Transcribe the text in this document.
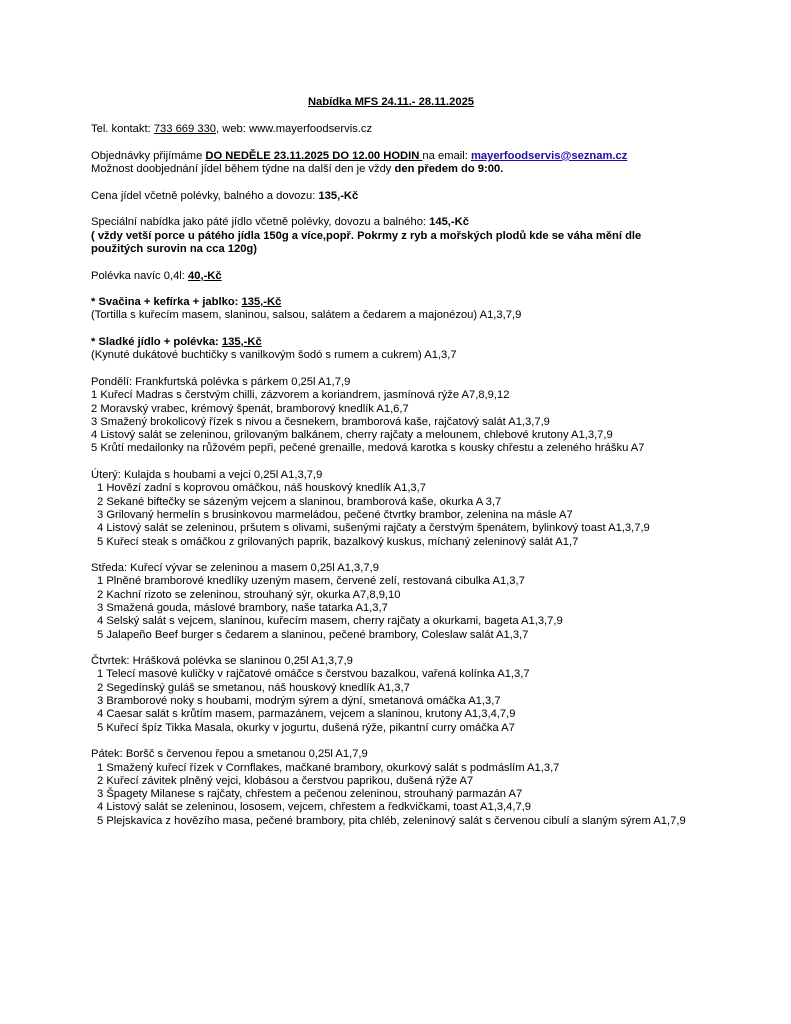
Nabídka MFS 24.11.- 28.11.2025

Tel. kontakt: 733 669 330, web: www.mayerfoodservis.cz

Objednávky přijímáme DO NEDĚLE 23.11.2025 DO 12.00 HODIN na email: mayerfoodservis@seznam.cz

Možnost doobjednání jídel během týdne na další den je vždy den předem do 9:00.

Cena jídel včetně polévky, balného a dovozu: 135,-Kč

Speciální nabídka jako páté jídlo včetně polévky, dovozu a balného: 145,-Kč

( vždy vetší porce u pátého jídla 150g a více,popř. Pokrmy z ryb a mořských plodů kde se váha mění dle použitých surovin na cca 120g)

Polévka navíc 0,4l: 40,-Kč

* Svačina + kefírka + jablko: 135,-Kč

(Tortilla s kuřecím masem, slaninou, salsou, salátem a čedarem a majonézou) A1,3,7,9

* Sladké jídlo + polévka: 135,-Kč

(Kynuté dukátové buchtičky s vanilkovým šodó s rumem a cukrem) A1,3,7

Pondělí: Frankfurtská polévka s párkem 0,25l A1,7,9

1 Kuřecí Madras s čerstvým chilli, zázvorem a koriandrem, jasmínová rýže A7,8,9,12

2 Moravský vrabec, krémový špenát, bramborový knedlík A1,6,7

3 Smažený brokolicový řízek s nivou a česnekem, bramborová kaše, rajčatový salát A1,3,7,9

4 Listový salát se zeleninou, grilovaným balkánem, cherry rajčaty a melounem, chlebové krutony A1,3,7,9

5 Krůtí medailonky na růžovém pepři, pečené grenaille, medová karotka s kousky chřestu a zeleného hrášku A7

Úterý: Kulajda s houbami a vejci 0,25l A1,3,7,9

1 Hovězí zadní s koprovou omáčkou, náš houskový knedlík A1,3,7

2 Sekané biftečky se sázeným vejcem a slaninou, bramborová kaše, okurka A 3,7

3 Grilovaný hermelín s brusinkovou marmeládou, pečené čtvrtky brambor, zelenina na másle A7

4 Listový salát se zeleninou, pršutem s olivami, sušenými rajčaty a čerstvým špenátem, bylinkový toast A1,3,7,9

5 Kuřecí steak s omáčkou z grilovaných paprik, bazalkový kuskus, míchaný zeleninový salát A1,7

Středa: Kuřecí vývar se zeleninou a masem 0,25l A1,3,7,9

1 Plněné bramborové knedlíky uzeným masem, červené zelí, restovaná cibulka A1,3,7

2 Kachní rizoto se zeleninou, strouhaný sýr, okurka A7,8,9,10

3 Smažená gouda, máslové brambory, naše tatarka A1,3,7

4 Selský salát s vejcem, slaninou, kuřecím masem, cherry rajčaty a okurkami, bageta A1,3,7,9

5 Jalapeño Beef burger s čedarem a slaninou, pečené brambory, Coleslaw salát A1,3,7

Čtvrtek: Hrášková polévka se slaninou 0,25l A1,3,7,9

1 Telecí masové kuličky v rajčatové omáčce s čerstvou bazalkou, vařená kolínka A1,3,7

2 Segedínský guláš se smetanou, náš houskový knedlík A1,3,7

3 Bramborové noky s houbami, modrým sýrem a dýní, smetanová omáčka A1,3,7

4 Caesar salát s krůtím masem, parmazánem, vejcem a slaninou, krutony A1,3,4,7,9

5 Kuřecí špíz Tikka Masala, okurky v jogurtu, dušená rýže, pikantní curry omáčka A7

Pátek: Boršč s červenou řepou a smetanou 0,25l A1,7,9

1 Smažený kuřecí řízek v Cornflakes, mačkané brambory, okurkový salát s podmáslím A1,3,7

2 Kuřecí závitek plněný vejci, klobásou a čerstvou paprikou, dušená rýže A7

3 Špagety Milanese s rajčaty, chřestem a pečenou zeleninou, strouhaný parmazán A7

4 Listový salát se zeleninou, lososem, vejcem, chřestem a ředkvičkami, toast A1,3,4,7,9

5 Plejskavica z hovězího masa, pečené brambory, pita chléb, zeleninový salát s červenou cibulí a slaným sýrem A1,7,9
